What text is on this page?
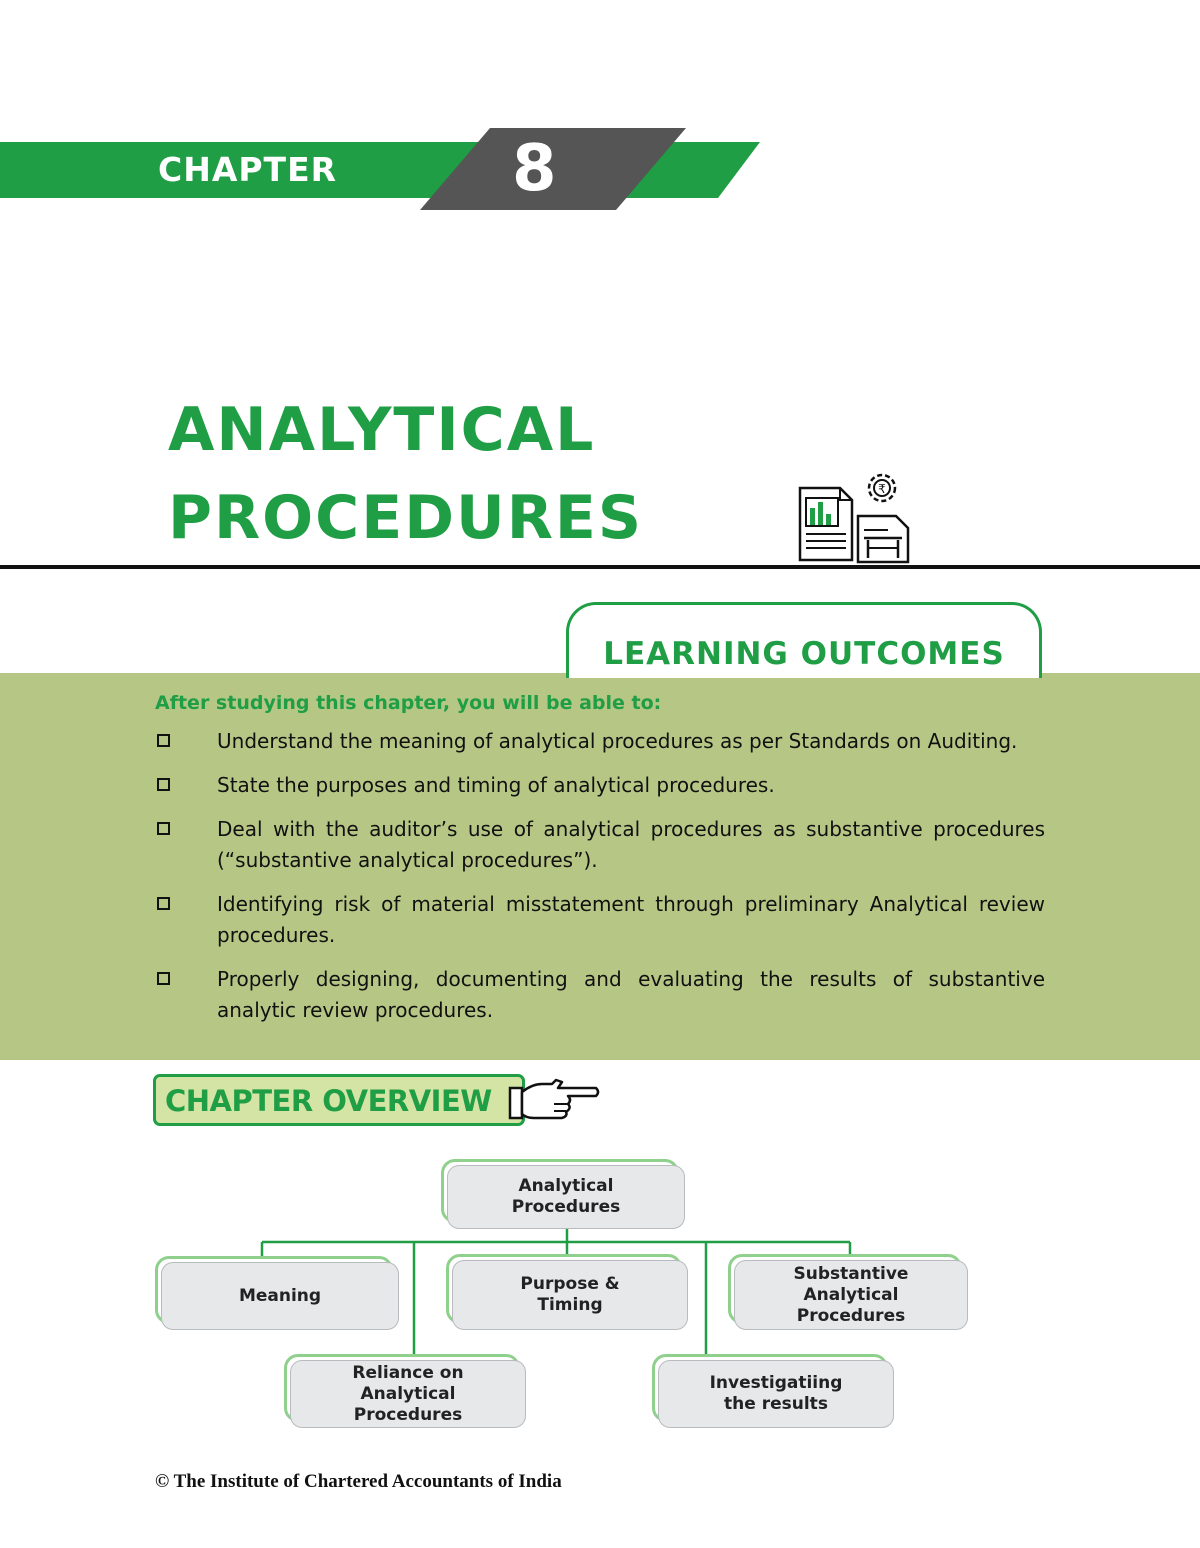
CHAPTER	8
ANALYTICAL
PROCEDURES	₹
LEARNING OUTCOMES
After studying this chapter, you will be able to:
Understand the meaning of analytical procedures as per Standards on Auditing.
State the purposes and timing of analytical procedures.
Deal with the auditor’s use of analytical procedures as substantive procedures (“substantive analytical procedures”).
Identifying risk of material misstatement through preliminary Analytical review procedures.
Properly designing, documenting and evaluating the results of substantive analytic review procedures.
CHAPTER OVERVIEW
Analytical
Procedures
Meaning
Purpose &
Timing
Substantive
Analytical
Procedures
Reliance on
Analytical
Procedures
Investigatiing
the results
© The Institute of Chartered Accountants of India
